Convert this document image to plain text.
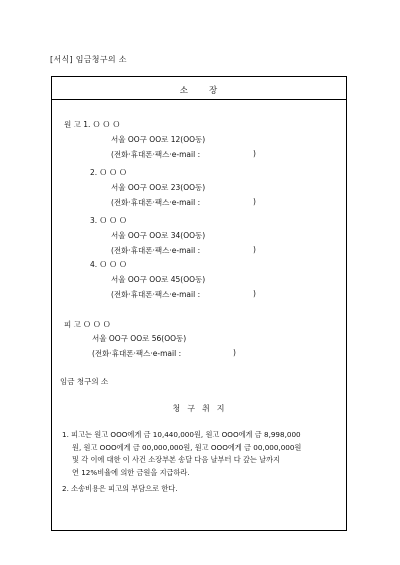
[서식] 임금청구의 소
소 장
원 고 1. Ｏ Ｏ Ｏ
서울 OO구 OO로 12(OO동)
(전화·휴대폰·팩스·e-mail :	)
2. Ｏ Ｏ Ｏ
서울 OO구 OO로 23(OO동)
(전화·휴대폰·팩스·e-mail :	)
3. Ｏ Ｏ Ｏ
서울 OO구 OO로 34(OO동)
(전화·휴대폰·팩스·e-mail :	)
4. Ｏ Ｏ Ｏ
서울 OO구 OO로 45(OO동)
(전화·휴대폰·팩스·e-mail :	)
피 고 Ｏ Ｏ Ｏ
서울 OO구 OO로 56(OO동)
(전화·휴대폰·팩스·e-mail :	)
임금 청구의 소
청 구 취 지
1. 피고는 원고 OOO에게 금 10,440,000원, 원고 OOO에게 금 8,998,000
원, 원고 OOO에게 금 00,000,000원, 원고 OOO에게 금 00,000,000원
및 각 이에 대한 이 사건 소장부본 송달 다음 날부터 다 갚는 날까지
연 12%비율에 의한 금원을 지급하라.
2. 소송비용은 피고의 부담으로 한다.
